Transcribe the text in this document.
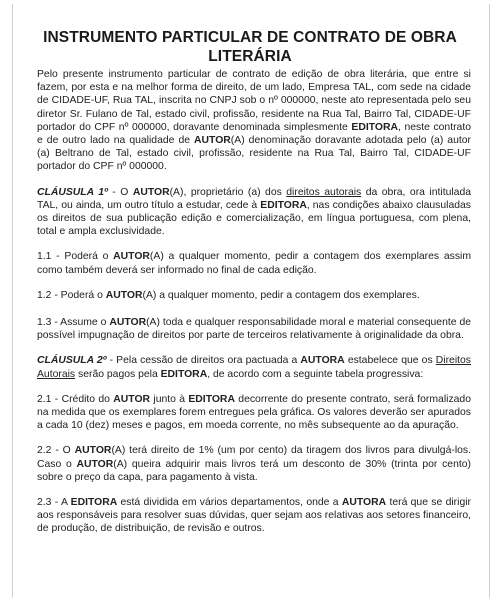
INSTRUMENTO PARTICULAR DE CONTRATO DE OBRA LITERÁRIA

Pelo presente instrumento particular de contrato de edição de obra literária, que entre si fazem, por esta e na melhor forma de direito, de um lado, Empresa TAL, com sede na cidade de CIDADE-UF, Rua TAL, inscrita no CNPJ sob o nº 000000, neste ato representada pelo seu diretor Sr. Fulano de Tal, estado civil, profissão, residente na Rua Tal, Bairro Tal, CIDADE-UF portador do CPF nº 000000, doravante denominada simplesmente EDITORA, neste contrato e de outro lado na qualidade de AUTOR(A) denominação doravante adotada pelo (a) autor (a) Beltrano de Tal, estado civil, profissão, residente na Rua Tal, Bairro Tal, CIDADE-UF portador do CPF nº 000000.

CLÁUSULA 1º - O AUTOR(A), proprietário (a) dos direitos autorais da obra, ora intitulada TAL, ou ainda, um outro título a estudar, cede à EDITORA, nas condições abaixo clausuladas os direitos de sua publicação edição e comercialização, em língua portuguesa, com plena, total e ampla exclusividade.

1.1 - Poderá o AUTOR(A) a qualquer momento, pedir a contagem dos exemplares assim como também deverá ser informado no final de cada edição.

1.2 - Poderá o AUTOR(A) a qualquer momento, pedir a contagem dos exemplares.

1.3 - Assume o AUTOR(A) toda e qualquer responsabilidade moral e material consequente de possível impugnação de direitos por parte de terceiros relativamente à originalidade da obra.

CLÁUSULA 2º - Pela cessão de direitos ora pactuada a AUTORA estabelece que os Direitos Autorais serão pagos pela EDITORA, de acordo com a seguinte tabela progressiva:

2.1 - Crédito do AUTOR junto à EDITORA decorrente do presente contrato, será formalizado na medida que os exemplares forem entregues pela gráfica. Os valores deverão ser apurados a cada 10 (dez) meses e pagos, em moeda corrente, no mês subsequente ao da apuração.

2.2 - O AUTOR(A) terá direito de 1% (um por cento) da tiragem dos livros para divulgá-los. Caso o AUTOR(A) queira adquirir mais livros terá um desconto de 30% (trinta por cento) sobre o preço da capa, para pagamento à vista.

2.3 - A EDITORA está dividida em vários departamentos, onde a AUTORA terá que se dirigir aos responsáveis para resolver suas dúvidas, quer sejam aos relativas aos setores financeiro, de produção, de distribuição, de revisão e outros.
